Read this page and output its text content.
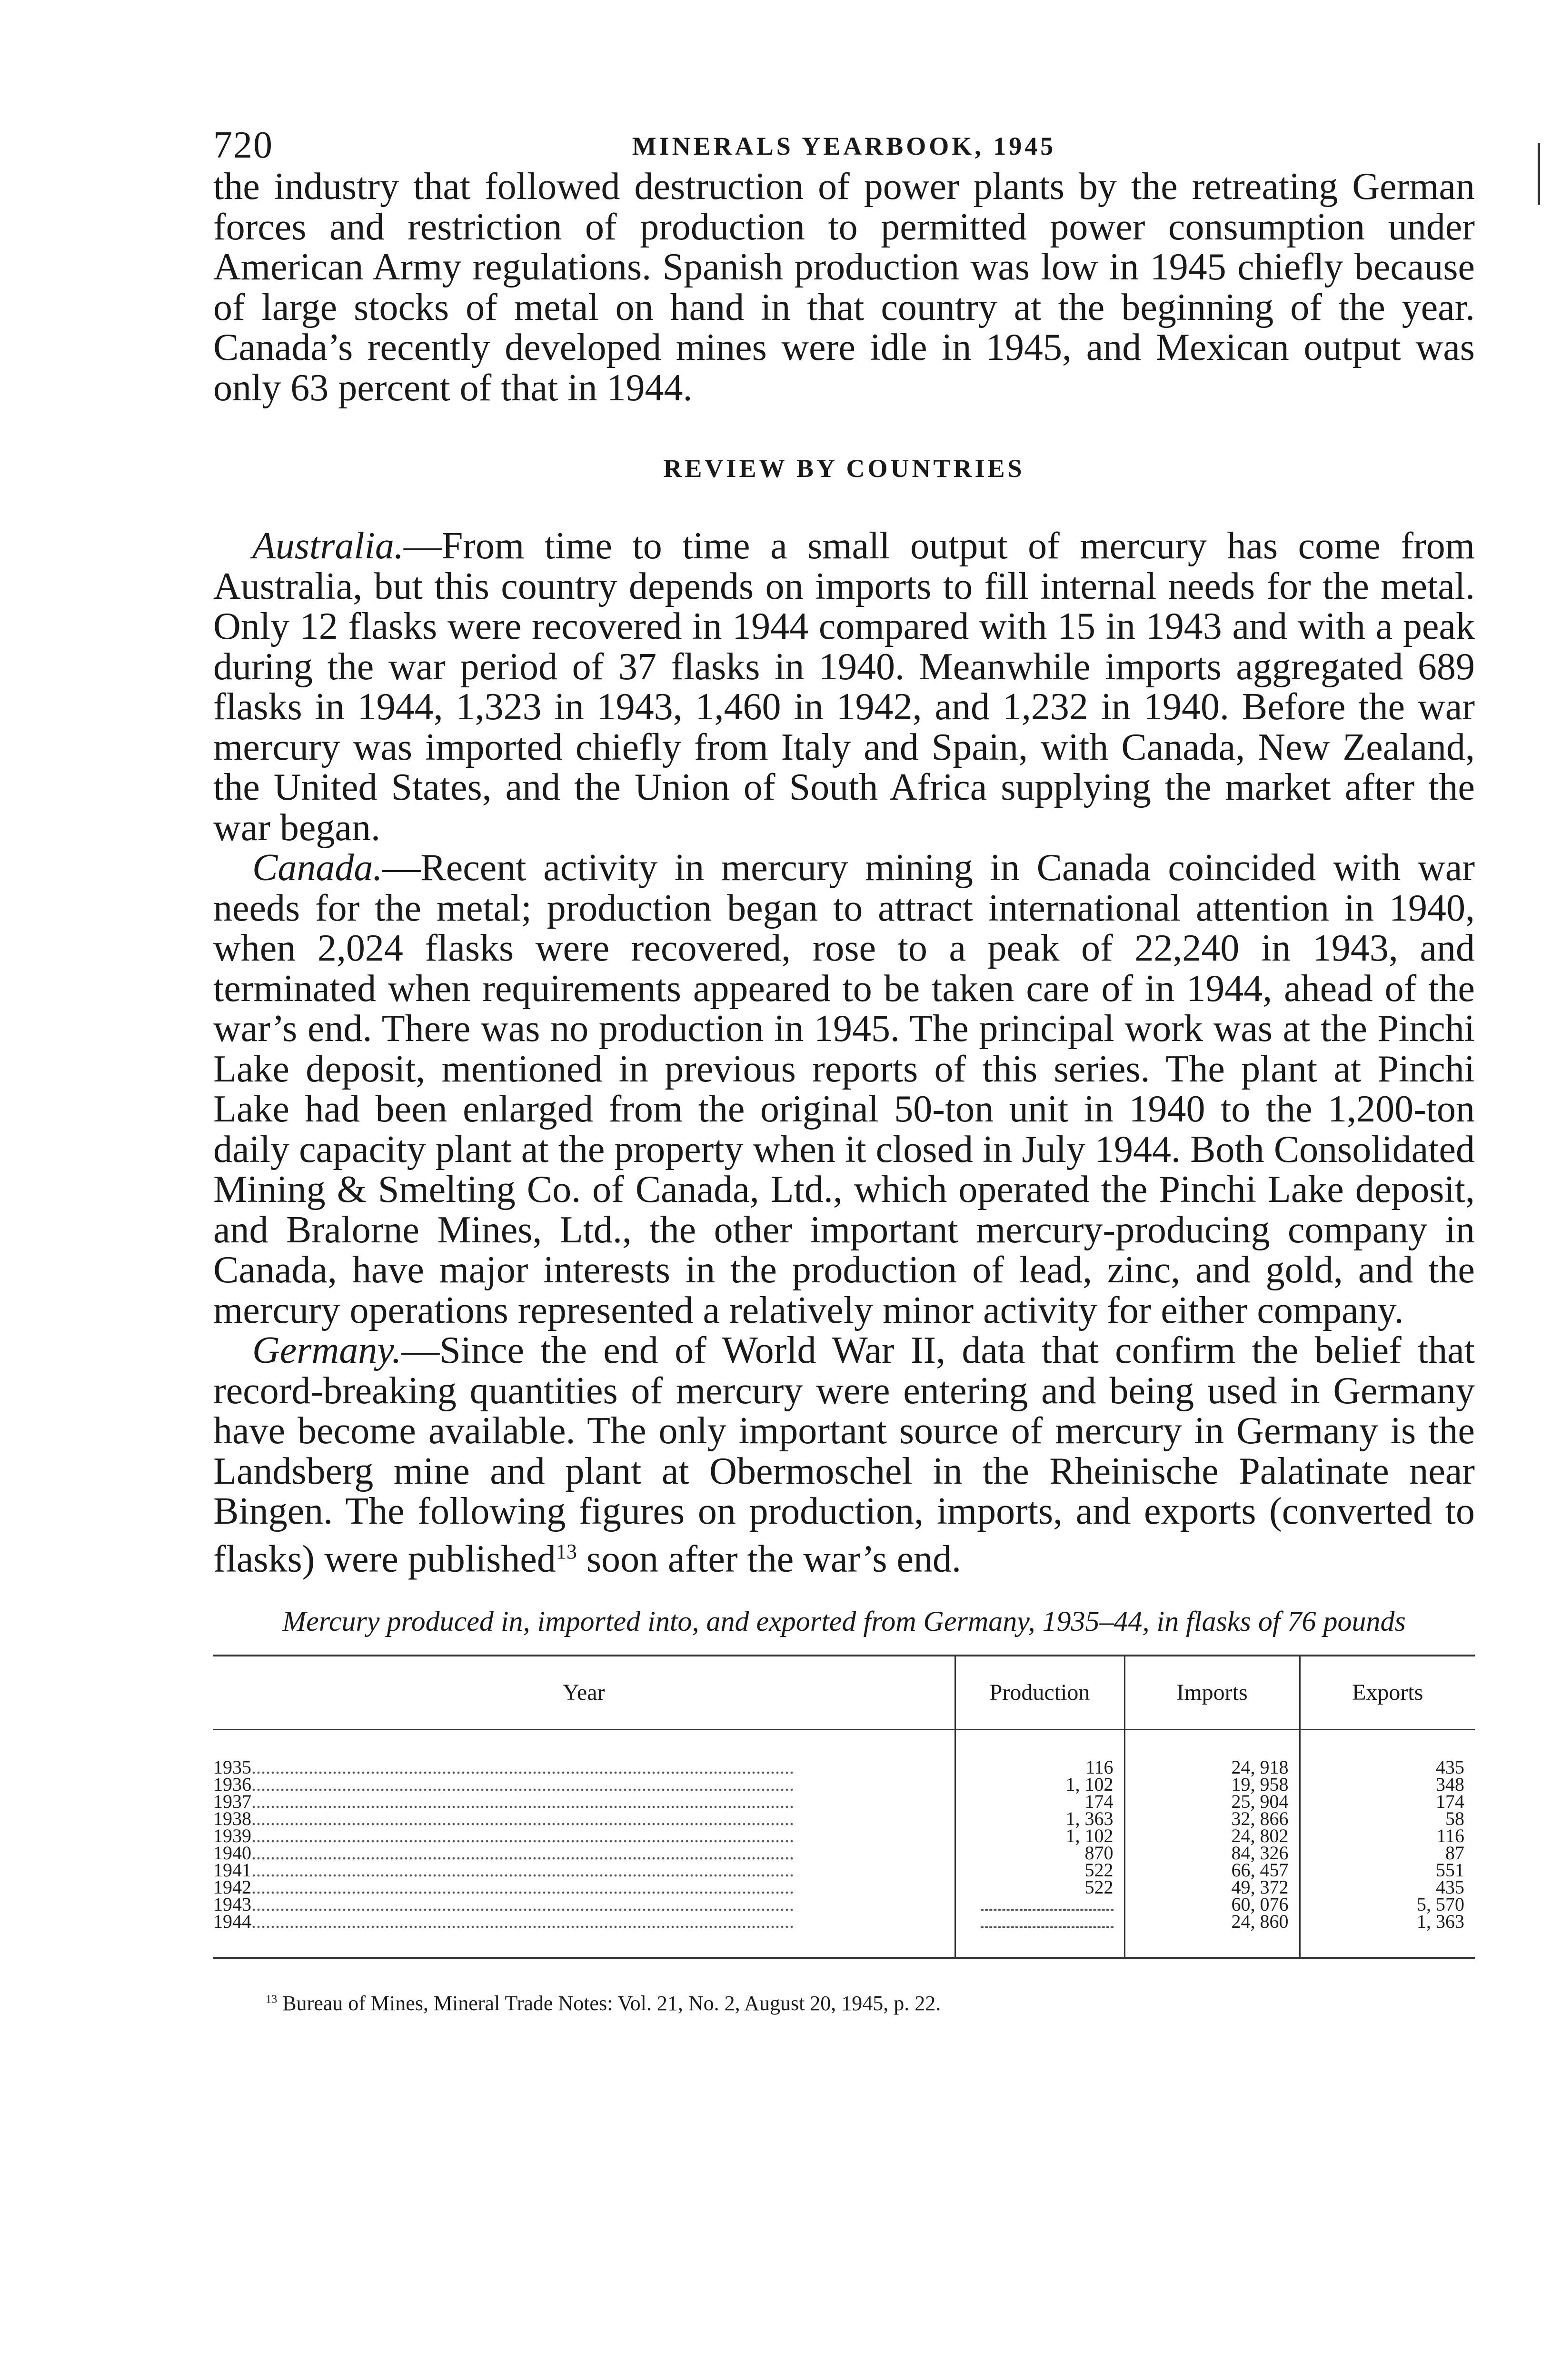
720	MINERALS YEARBOOK, 1945

the industry that followed destruction of power plants by the retreating German forces and restriction of production to permitted power consumption under American Army regulations. Spanish production was low in 1945 chiefly because of large stocks of metal on hand in that country at the beginning of the year. Canada’s recently developed mines were idle in 1945, and Mexican output was only 63 percent of that in 1944.

REVIEW BY COUNTRIES

Australia.—From time to time a small output of mercury has come from Australia, but this country depends on imports to fill internal needs for the metal. Only 12 flasks were recovered in 1944 compared with 15 in 1943 and with a peak during the war period of 37 flasks in 1940. Meanwhile imports aggregated 689 flasks in 1944, 1,323 in 1943, 1,460 in 1942, and 1,232 in 1940. Before the war mercury was imported chiefly from Italy and Spain, with Canada, New Zealand, the United States, and the Union of South Africa supplying the market after the war began.

Canada.—Recent activity in mercury mining in Canada coincided with war needs for the metal; production began to attract international attention in 1940, when 2,024 flasks were recovered, rose to a peak of 22,240 in 1943, and terminated when requirements appeared to be taken care of in 1944, ahead of the war’s end. There was no production in 1945. The principal work was at the Pinchi Lake deposit, mentioned in previous reports of this series. The plant at Pinchi Lake had been enlarged from the original 50-ton unit in 1940 to the 1,200-ton daily capacity plant at the property when it closed in July 1944. Both Consolidated Mining & Smelting Co. of Canada, Ltd., which operated the Pinchi Lake deposit, and Bralorne Mines, Ltd., the other important mercury-producing company in Canada, have major interests in the production of lead, zinc, and gold, and the mercury operations represented a relatively minor activity for either company.

Germany.—Since the end of World War II, data that confirm the belief that record-breaking quantities of mercury were entering and being used in Germany have become available. The only important source of mercury in Germany is the Landsberg mine and plant at Obermoschel in the Rheinische Palatinate near Bingen. The following figures on production, imports, and exports (converted to flasks) were published$^{13}$ soon after the war’s end.

Mercury produced in, imported into, and exported from Germany, 1935–44, in flasks of 76 pounds
Year	Production	Imports	Exports
1935..................................................................................................................	116	24, 918	435
1936..................................................................................................................	1, 102	19, 958	348
1937..................................................................................................................	174	25, 904	174
1938..................................................................................................................	1, 363	32, 866	58
1939..................................................................................................................	1, 102	24, 802	116
1940..................................................................................................................	870	84, 326	87
1941..................................................................................................................	522	66, 457	551
1942..................................................................................................................	522	49, 372	435
1943..................................................................................................................		60, 076	5, 570
1944..................................................................................................................		24, 860	1, 363
$^{13}$ Bureau of Mines, Mineral Trade Notes: Vol. 21, No. 2, August 20, 1945, p. 22.
